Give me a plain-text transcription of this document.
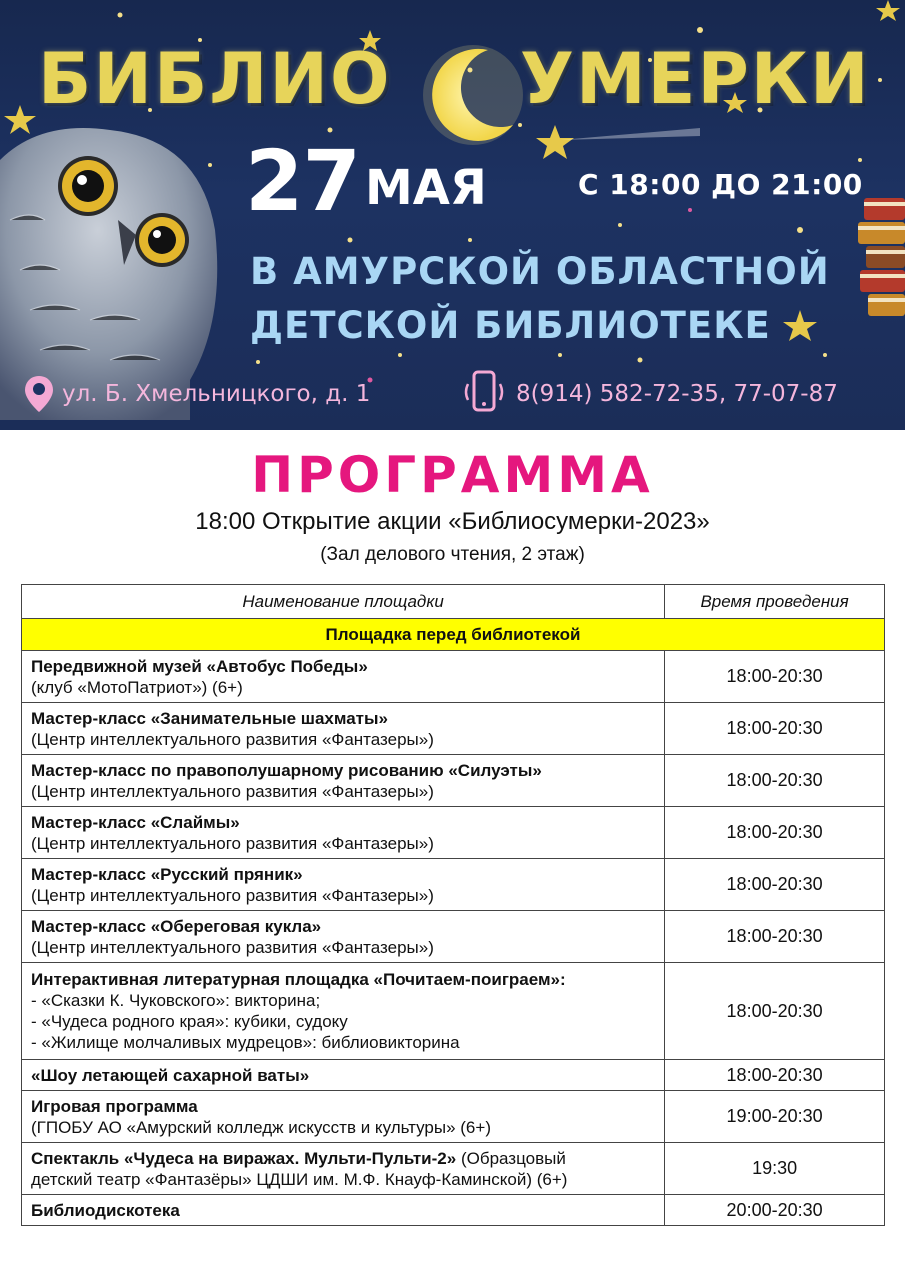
БИБЛИО УМЕРКИ
27 МАЯ	С 18:00 ДО 21:00
В АМУРСКОЙ ОБЛАСТНОЙ
ДЕТСКОЙ БИБЛИОТЕКЕ
ул. Б. Хмельницкого, д. 1	8(914) 582-72-35, 77-07-87
ПРОГРАММА
18:00 Открытие акции «Библиосумерки-2023»
(Зал делового чтения, 2 этаж)
Наименование площадки	Время проведения
Площадка перед библиотекой	

Передвижной музей «Автобус Победы»
(клуб «МотоПатриот») (6+)	18:00-20:30

Мастер-класс «Занимательные шахматы»
(Центр интеллектуального развития «Фантазеры»)	18:00-20:30

Мастер-класс по правополушарному рисованию «Силуэты»
(Центр интеллектуального развития «Фантазеры»)	18:00-20:30

Мастер-класс «Слаймы»
(Центр интеллектуального развития «Фантазеры»)	18:00-20:30

Мастер-класс «Русский пряник»
(Центр интеллектуального развития «Фантазеры»)	18:00-20:30

Мастер-класс «Обереговая кукла»
(Центр интеллектуального развития «Фантазеры»)	18:00-20:30

Интерактивная литературная площадка «Почитаем-поиграем»:
- «Сказки К. Чуковского»: викторина;
- «Чудеса родного края»: кубики, судоку
- «Жилище молчаливых мудрецов»: библиовикторина	18:00-20:30

«Шоу летающей сахарной ваты»	18:00-20:30

Игровая программа
(ГПОБУ АО «Амурский колледж искусств и культуры» (6+)	19:00-20:30

Спектакль «Чудеса на виражах. Мульти-Пульти-2» (Образцовый
детский театр «Фантазёры» ЦДШИ им. М.Ф. Кнауф-Каминской) (6+)	19:30

Библиодискотека	20:00-20:30
